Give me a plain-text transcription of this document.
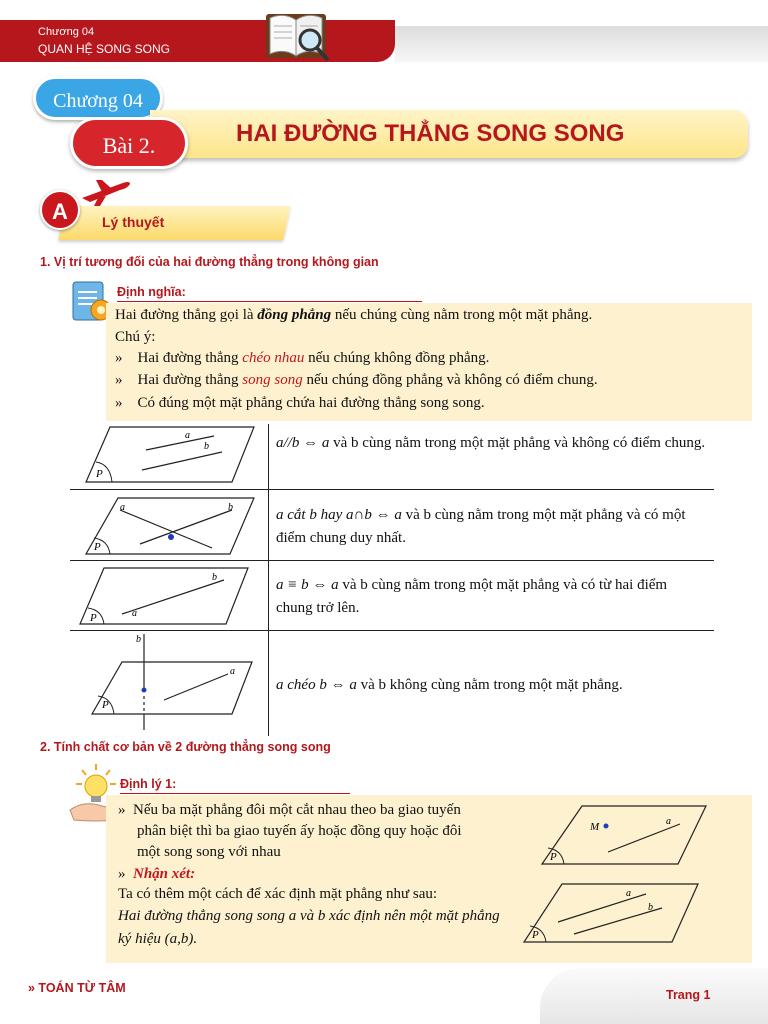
Chương 04
QUAN HỆ SONG SONG
Chương 04
HAI ĐƯỜNG THẲNG SONG SONG
Bài 2.
A	Lý thuyết
1. Vị trí tương đối của hai đường thẳng trong không gian
Định nghĩa:
Hai đường thẳng gọi là đồng phẳng nếu chúng cùng nằm trong một mặt phẳng.
Chú ý:
» Hai đường thẳng chéo nhau nếu chúng không đồng phẳng.
» Hai đường thẳng song song nếu chúng đồng phẳng và không có điểm chung.
» Có đúng một mặt phẳng chứa hai đường thẳng song song.
a
b
P
a//b ⇔ a và b cùng nằm trong một mặt phẳng và không có điểm chung.
a	b
P
a cắt b hay a∩b ⇔ a và b cùng nằm trong một mặt phẳng và có một điểm chung duy nhất.
a
b
P
a ≡ b ⇔ a và b cùng nằm trong một mặt phẳng và có từ hai điểm chung trở lên.
b
a
P
a chéo b ⇔ a và b không cùng nằm trong một mặt phẳng.
2. Tính chất cơ bản về 2 đường thẳng song song
Định lý 1:
» Nếu ba mặt phẳng đôi một cắt nhau theo ba giao tuyến
phân biệt thì ba giao tuyến ấy hoặc đồng quy hoặc đôi
một song song với nhau
» Nhận xét:
Ta có thêm một cách để xác định mặt phẳng như sau:
Hai đường thẳng song song a và b xác định nên một mặt phẳng
ký hiệu (a,b).
M	a
P
a
b
P
» TOÁN TỪ TÂM	Trang 1
